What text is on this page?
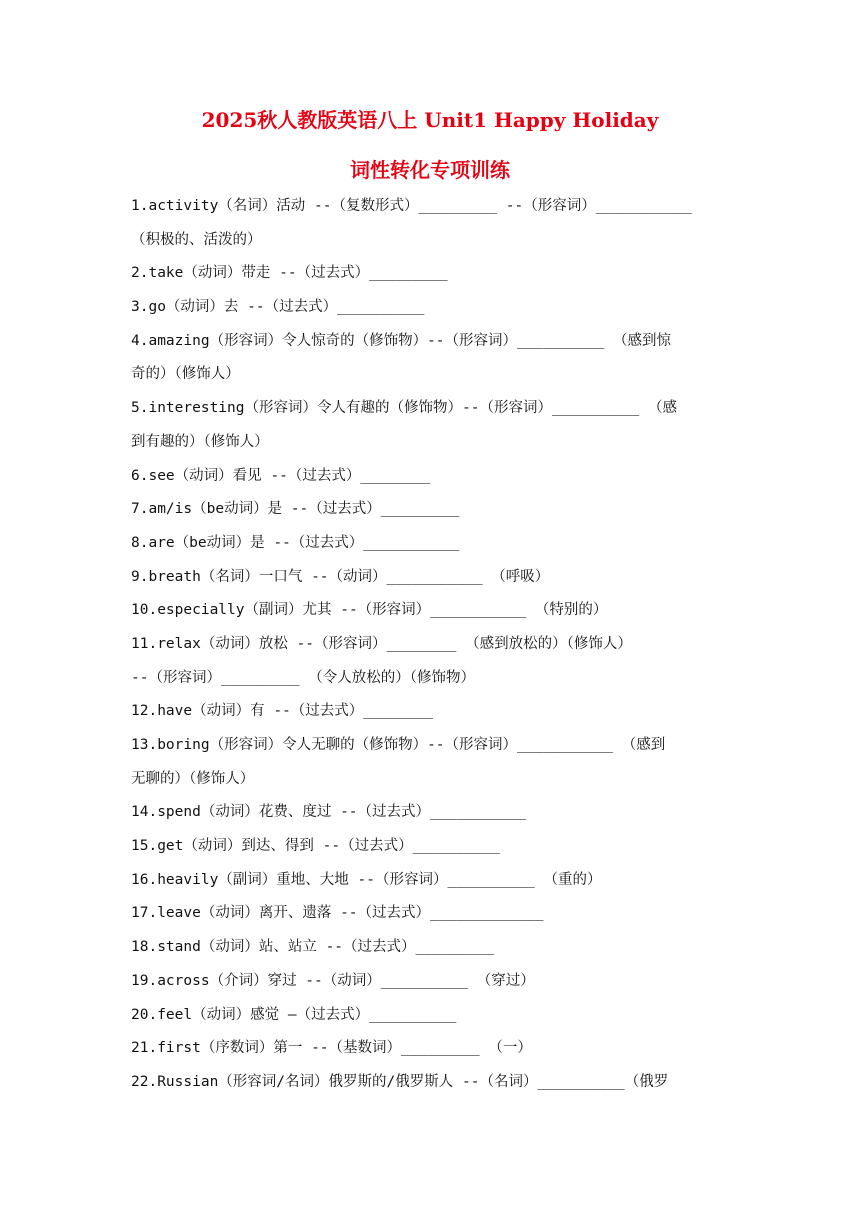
2025秋人教版英语八上 Unit1 Happy Holiday
词性转化专项训练
1.activity（名词）活动 --（复数形式）_________ --（形容词）___________
（积极的、活泼的）
2.take（动词）带走 --（过去式）_________
3.go（动词）去 --（过去式）__________
4.amazing（形容词）令人惊奇的（修饰物）--（形容词）__________ （感到惊
奇的）（修饰人）
5.interesting（形容词）令人有趣的（修饰物）--（形容词）__________ （感
到有趣的）（修饰人）
6.see（动词）看见 --（过去式）________
7.am/is（be动词）是 --（过去式）_________
8.are（be动词）是 --（过去式）___________
9.breath（名词）一口气 --（动词）___________ （呼吸）
10.especially（副词）尤其 --（形容词）___________ （特别的）
11.relax（动词）放松 --（形容词）________ （感到放松的）（修饰人）
--（形容词）_________ （令人放松的）（修饰物）
12.have（动词）有 --（过去式）________
13.boring（形容词）令人无聊的（修饰物）--（形容词）___________ （感到
无聊的）（修饰人）
14.spend（动词）花费、度过 --（过去式）___________
15.get（动词）到达、得到 --（过去式）__________
16.heavily（副词）重地、大地 --（形容词）__________ （重的）
17.leave（动词）离开、遗落 --（过去式）_____________
18.stand（动词）站、站立 --（过去式）_________
19.across（介词）穿过 --（动词）__________ （穿过）
20.feel（动词）感觉 —（过去式）__________
21.first（序数词）第一 --（基数词）_________ （一）
22.Russian（形容词/名词）俄罗斯的/俄罗斯人 --（名词）__________（俄罗
